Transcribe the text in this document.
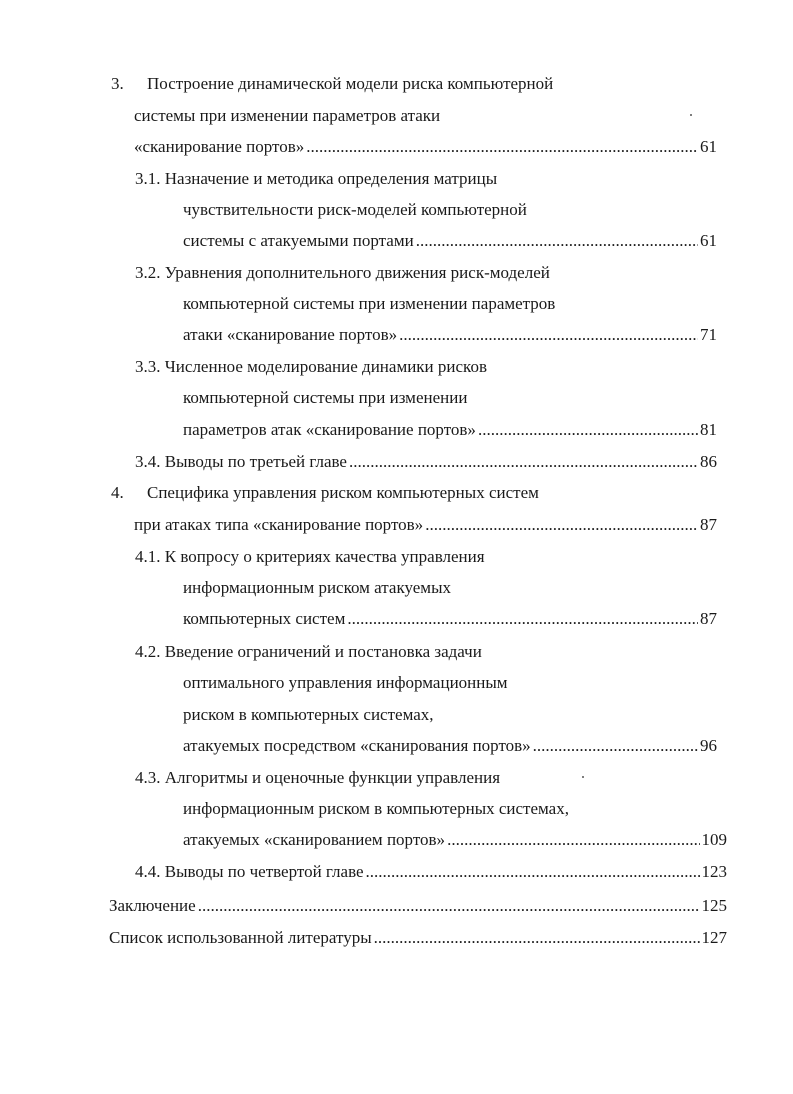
3. Построение динамической модели риска компьютерной
системы при изменении параметров атаки
«сканирование портов» .....	61
3.1. Назначение и методика определения матрицы
чувствительности риск-моделей компьютерной
системы с атакуемыми портами .....	61
3.2. Уравнения дополнительного движения риск-моделей
компьютерной системы при изменении параметров
атаки «сканирование портов» .....	71
3.3. Численное моделирование динамики рисков
компьютерной системы при изменении
параметров атак «сканирование портов» .....	81
3.4. Выводы по третьей главе .....	86
4. Специфика управления риском компьютерных систем
при атаках типа «сканирование портов» .....	87
4.1. К вопросу о критериях качества управления
информационным риском атакуемых
компьютерных систем .....	87
4.2. Введение ограничений и постановка задачи
оптимального управления информационным
риском в компьютерных системах,
атакуемых посредством «сканирования портов» .....	96
4.3. Алгоритмы и оценочные функции управления
информационным риском в компьютерных системах,
атакуемых «сканированием портов» .....	109
4.4. Выводы по четвертой главе .....	123
Заключение .....	125
Список использованной литературы .....	127
